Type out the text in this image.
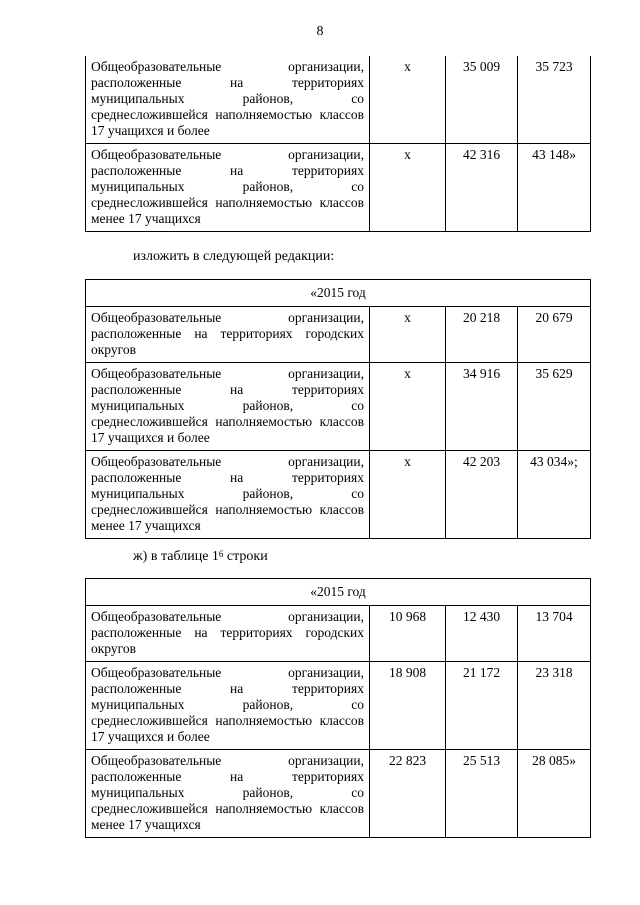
8
Общеобразовательные организации, расположенные на территориях муниципальных районов, со среднесложившейся наполняемостью классов 17 учащихся и более	x	35 009	35 723
Общеобразовательные организации, расположенные на территориях муниципальных районов, со среднесложившейся наполняемостью классов менее 17 учащихся	x	42 316	43 148»
изложить в следующей редакции:
«2015 год			
Общеобразовательные организации, расположенные на территориях городских округов	x	20 218	20 679
Общеобразовательные организации, расположенные на территориях муниципальных районов, со среднесложившейся наполняемостью классов 17 учащихся и более	x	34 916	35 629
Общеобразовательные организации, расположенные на территориях муниципальных районов, со среднесложившейся наполняемостью классов менее 17 учащихся	x	42 203	43 034»;
ж) в таблице $1^6$ строки
«2015 год			
Общеобразовательные организации, расположенные на территориях городских округов	10 968	12 430	13 704
Общеобразовательные организации, расположенные на территориях муниципальных районов, со среднесложившейся наполняемостью классов 17 учащихся и более	18 908	21 172	23 318
Общеобразовательные организации, расположенные на территориях муниципальных районов, со среднесложившейся наполняемостью классов менее 17 учащихся	22 823	25 513	28 085»
